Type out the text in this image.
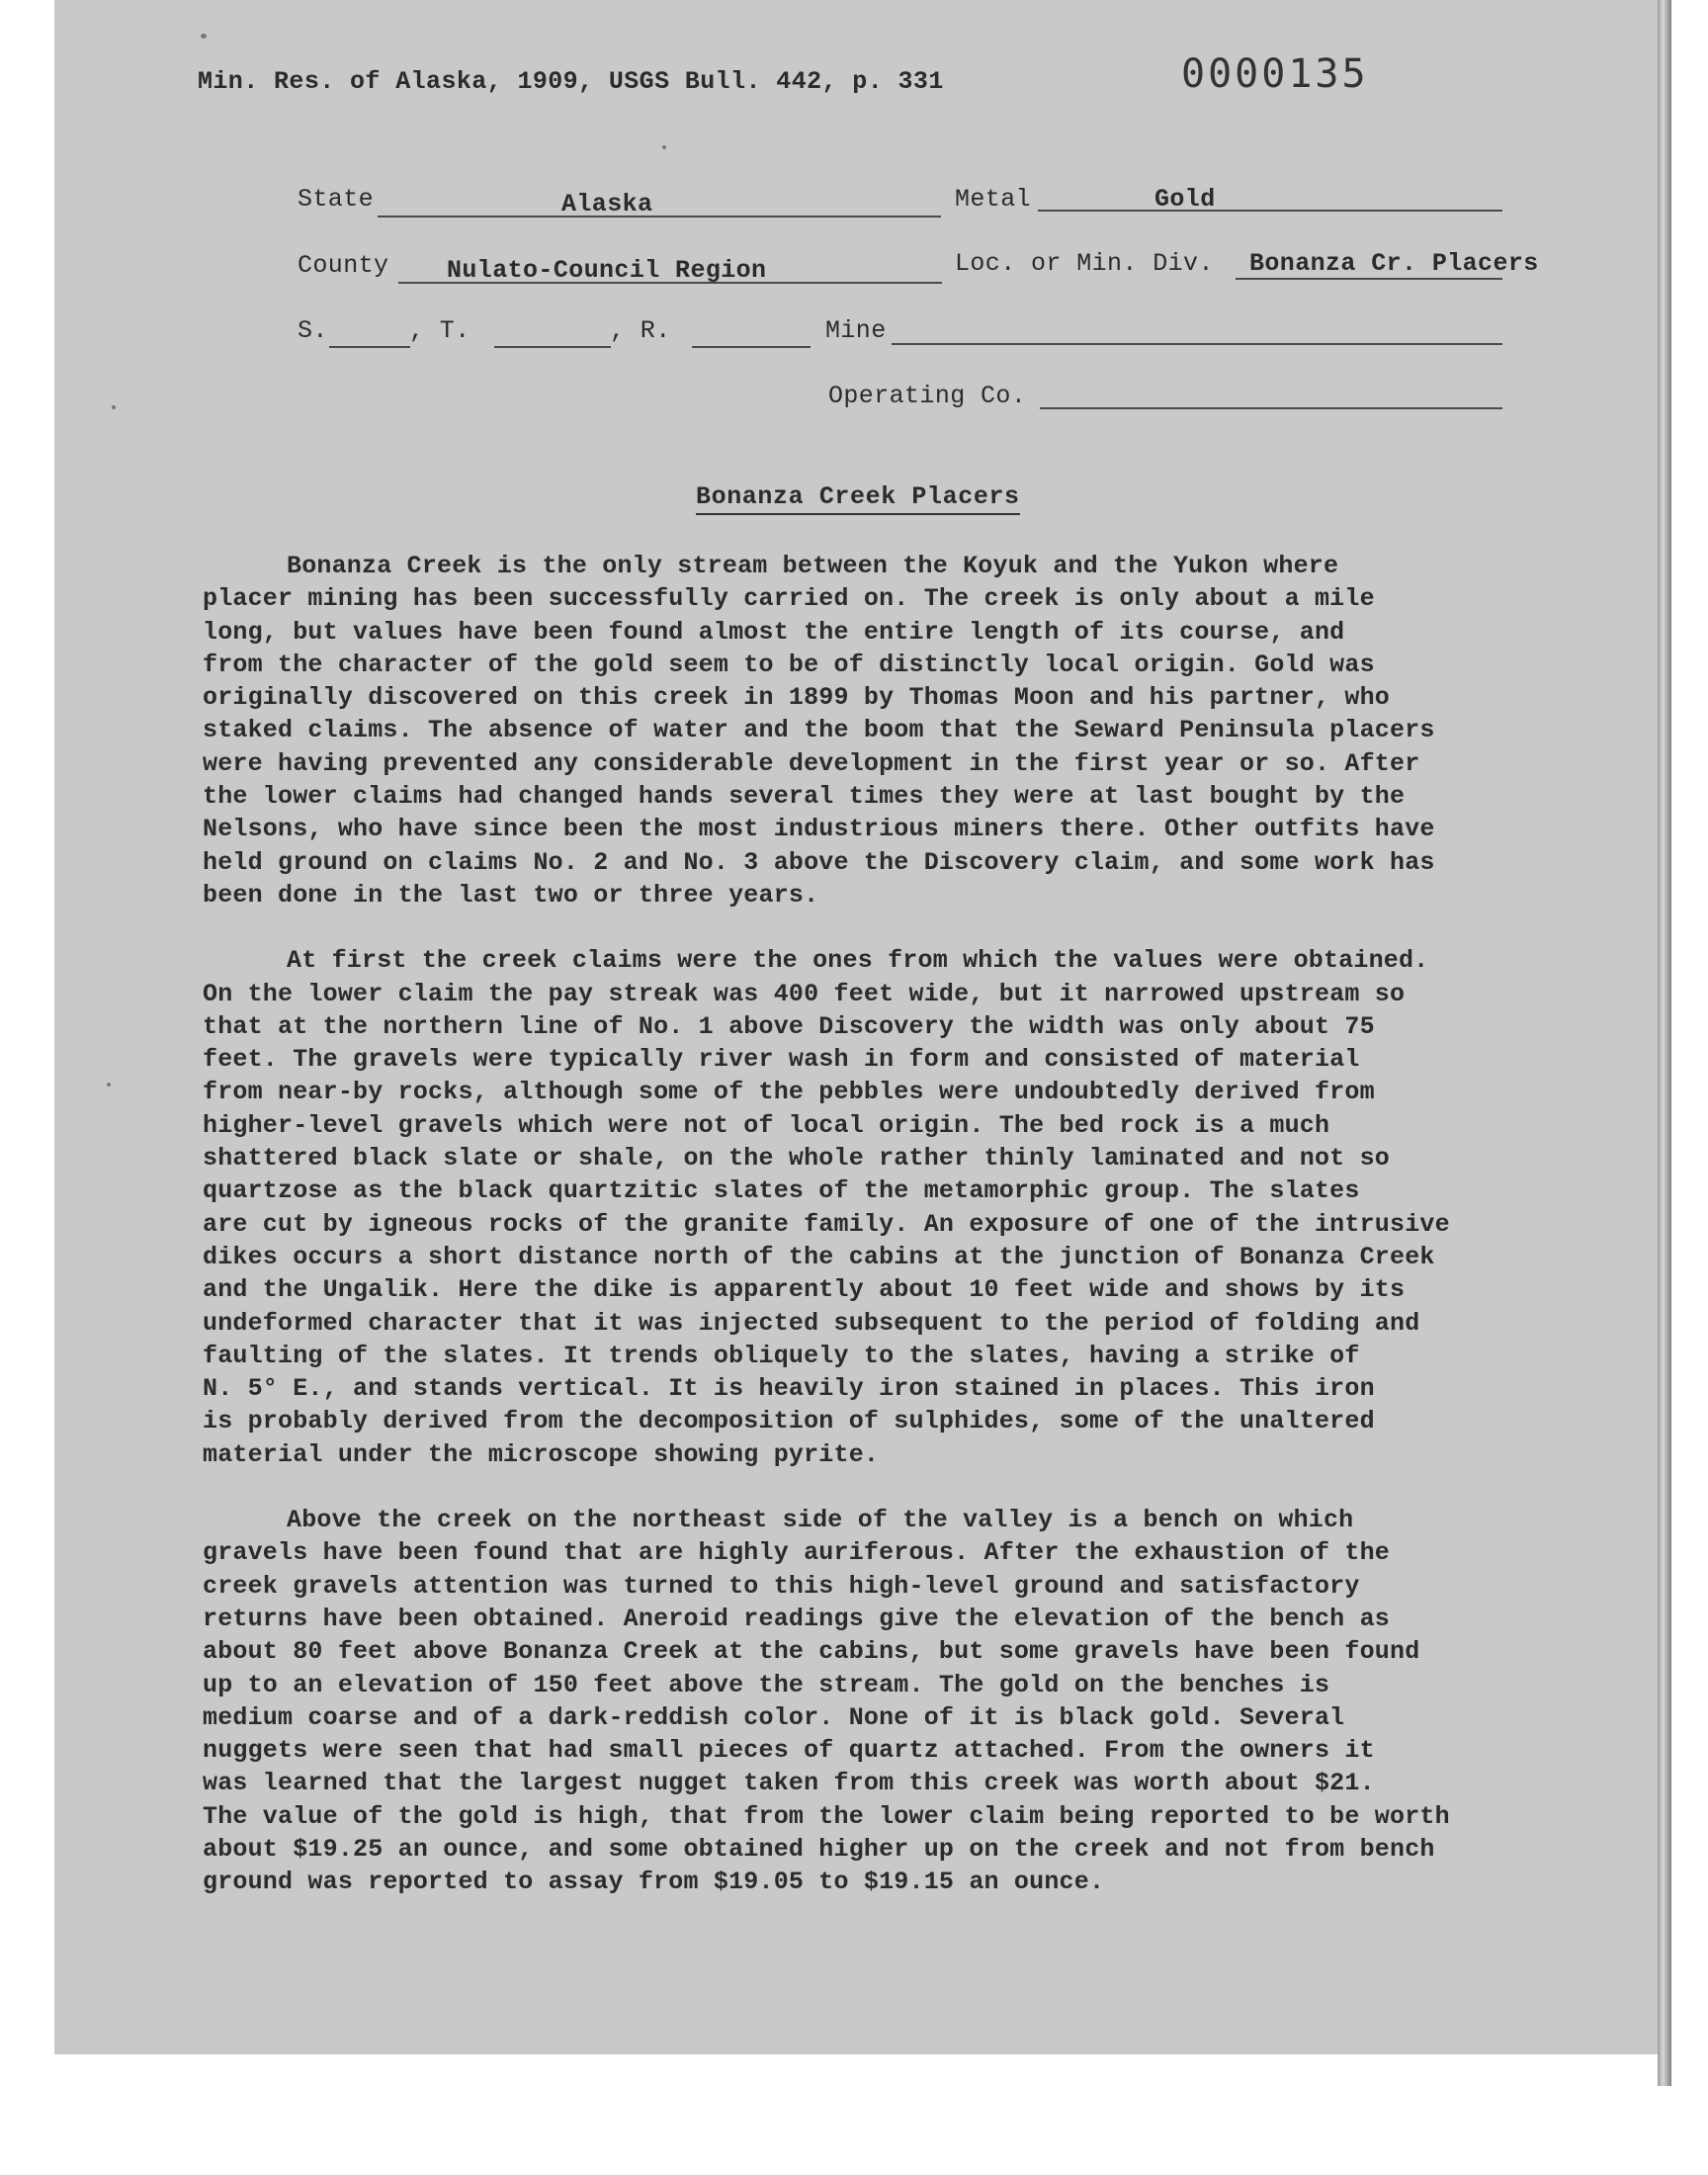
Min. Res. of Alaska, 1909, USGS Bull. 442, p. 331	0000135
State	Alaska	Metal	Gold
County Nulato-Council Region	Loc. or Min. Div. Bonanza Cr. Placers
S.	, T.	, R.	Mine
Operating Co.
Bonanza Creek Placers
Bonanza Creek is the only stream between the Koyuk and the Yukon where
placer mining has been successfully carried on. The creek is only about a mile
long, but values have been found almost the entire length of its course, and
from the character of the gold seem to be of distinctly local origin. Gold was
originally discovered on this creek in 1899 by Thomas Moon and his partner, who
staked claims. The absence of water and the boom that the Seward Peninsula placers
were having prevented any considerable development in the first year or so. After
the lower claims had changed hands several times they were at last bought by the
Nelsons, who have since been the most industrious miners there. Other outfits have
held ground on claims No. 2 and No. 3 above the Discovery claim, and some work has
been done in the last two or three years.
At first the creek claims were the ones from which the values were obtained.
On the lower claim the pay streak was 400 feet wide, but it narrowed upstream so
that at the northern line of No. 1 above Discovery the width was only about 75
feet. The gravels were typically river wash in form and consisted of material
from near-by rocks, although some of the pebbles were undoubtedly derived from
higher-level gravels which were not of local origin. The bed rock is a much
shattered black slate or shale, on the whole rather thinly laminated and not so
quartzose as the black quartzitic slates of the metamorphic group. The slates
are cut by igneous rocks of the granite family. An exposure of one of the intrusive
dikes occurs a short distance north of the cabins at the junction of Bonanza Creek
and the Ungalik. Here the dike is apparently about 10 feet wide and shows by its
undeformed character that it was injected subsequent to the period of folding and
faulting of the slates. It trends obliquely to the slates, having a strike of
N. 5° E., and stands vertical. It is heavily iron stained in places. This iron
is probably derived from the decomposition of sulphides, some of the unaltered
material under the microscope showing pyrite.
Above the creek on the northeast side of the valley is a bench on which
gravels have been found that are highly auriferous. After the exhaustion of the
creek gravels attention was turned to this high-level ground and satisfactory
returns have been obtained. Aneroid readings give the elevation of the bench as
about 80 feet above Bonanza Creek at the cabins, but some gravels have been found
up to an elevation of 150 feet above the stream. The gold on the benches is
medium coarse and of a dark-reddish color. None of it is black gold. Several
nuggets were seen that had small pieces of quartz attached. From the owners it
was learned that the largest nugget taken from this creek was worth about $21.
The value of the gold is high, that from the lower claim being reported to be worth
about $19.25 an ounce, and some obtained higher up on the creek and not from bench
ground was reported to assay from $19.05 to $19.15 an ounce.
